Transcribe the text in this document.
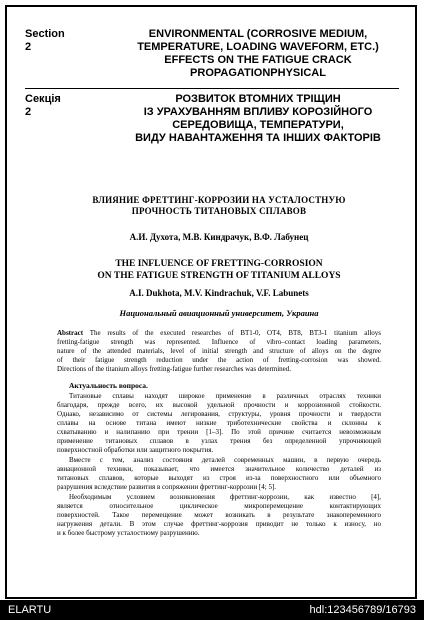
Section 2
ENVIRONMENTAL (CORROSIVE MEDIUM,
TEMPERATURE, LOADING WAVEFORM, ETC.)
EFFECTS ON THE FATIGUE CRACK
PROPAGATIONPHYSICAL
Секція 2
РОЗВИТОК ВТОМНИХ ТРІЩИН
ІЗ УРАХУВАННЯМ ВПЛИВУ КОРОЗІЙНОГО
СЕРЕДОВИЩА, ТЕМПЕРАТУРИ,
ВИДУ НАВАНТАЖЕННЯ ТА ІНШИХ ФАКТОРІВ
ВЛИЯНИЕ ФРЕТТИНГ-КОРРОЗИИ НА УСТАЛОСТНУЮ
ПРОЧНОСТЬ ТИТАНОВЫХ СПЛАВОВ
А.И. Духота, М.В. Киндрачук, В.Ф. Лабунец
THE INFLUENCE OF FRETTING-CORROSION
ON THE FATIGUE STRENGTH OF TITANIUM ALLOYS
A.I. Dukhota, M.V. Kindrachuk, V.F. Labunets
Национальный авиационный университет, Украина
Abstract The results of the executed researches of ВТ1-0, ОТ4, ВТ8, ВТ3-1 titanium alloys
fretting-fatigue strength was represented. Influence of vibro–contact loading parameters,
nature of the attended materials, level of initial strength and structure of alloys on the degree
of their fatigue strength reduction under the action of fretting-corrosion was showed.
Directions of the titanium alloys fretting-fatigue further researches was determined.
Актуальность вопроса.
Титановые сплавы находят широкое применение в различных отраслях техники
благодаря, прежде всего, их высокой удельной прочности и коррозионной стойкости.
Однако, независимо от системы легирования, структуры, уровня прочности и твердости
сплавы на основе титана имеют низкие триботехнические свойства и склонны к
схватыванию и налипанию при трении [1–3]. По этой причине считается невозможным
применение титановых сплавов в узлах трения без определенной упрочняющей
поверхностной обработки или защитного покрытия.
Вместе с тем, анализ состояния деталей современных машин, в первую очередь
авиационной техники, показывает, что имеется значительное количество деталей из
титановых сплавов, которые выходят из строя из-за поверхностного или объемного
разрушения вследствие развития в сопряжении фреттинг-коррозии [4; 5].
Необходимым условием возникновения фреттинг-коррозии, как известно [4],
является относительное циклическое микроперемещение контактирующих
поверхностей. Такое перемещение может возникать в результате знакопеременного
нагружения детали. В этом случае фреттинг-коррозия приводит не только к износу, но
и к более быстрому усталостному разрушению.
ELARTU	hdl:123456789/16793
